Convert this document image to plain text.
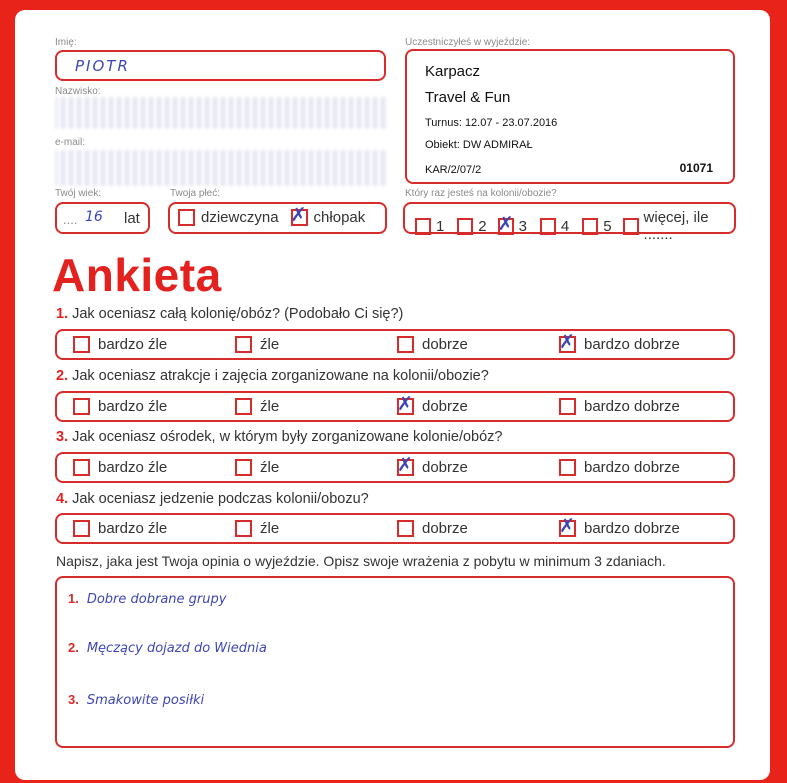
Imię:
PIOTR
Nazwisko:
e-mail:
Twój wiek:
.... 16 lat
Twoja płeć:
dziewczyna ✗ chłopak
Uczestniczyłeś w wyjeździe:
Karpacz
Travel & Fun
Turnus: 12.07 - 23.07.2016
Obiekt: DW ADMIRAŁ
KAR/2/07/2	01071
Który raz jesteś na kolonii/obozie?
1 2 ✗ 3 4 5 więcej, ile .......
Ankieta
1. Jak oceniasz całą kolonię/obóz? (Podobało Ci się?)
bardzo źle	źle	dobrze	✗ bardzo dobrze
2. Jak oceniasz atrakcje i zajęcia zorganizowane na kolonii/obozie?
bardzo źle	źle	✗ dobrze	bardzo dobrze
3. Jak oceniasz ośrodek, w którym były zorganizowane kolonie/obóz?
bardzo źle	źle	✗ dobrze	bardzo dobrze
4. Jak oceniasz jedzenie podczas kolonii/obozu?
bardzo źle	źle	dobrze	✗ bardzo dobrze
Napisz, jaka jest Twoja opinia o wyjeździe. Opisz swoje wrażenia z pobytu w minimum 3 zdaniach.
1. Dobre dobrane grupy
2. Męczący dojazd do Wiednia
3. Smakowite posiłki
